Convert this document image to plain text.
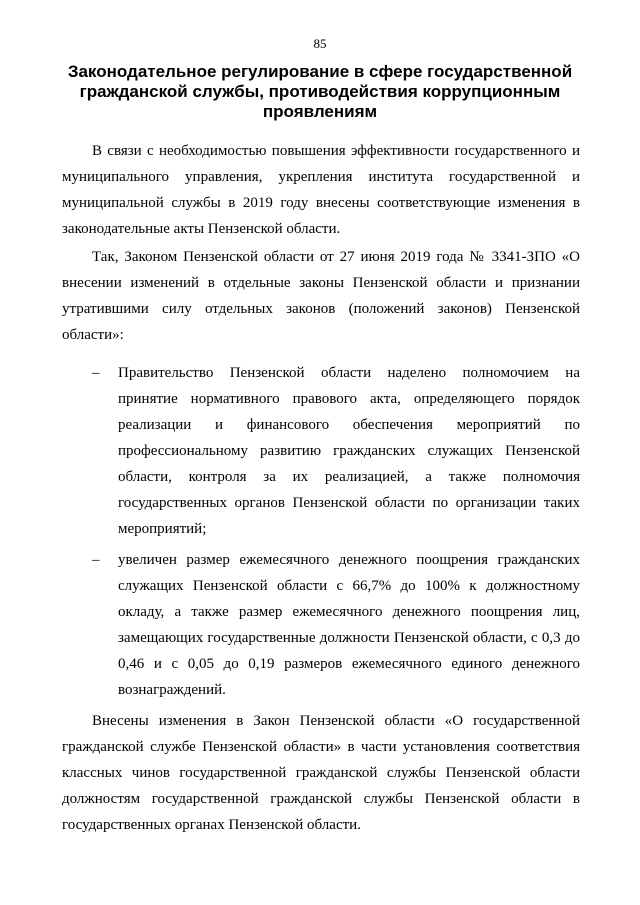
85
Законодательное регулирование в сфере государственной гражданской службы, противодействия коррупционным проявлениям

В связи с необходимостью повышения эффективности государственного и муниципального управления, укрепления института государственной и муниципальной службы в 2019 году внесены соответствующие изменения в законодательные акты Пензенской области.

Так, Законом Пензенской области от 27 июня 2019 года № 3341-ЗПО «О внесении изменений в отдельные законы Пензенской области и признании утратившими силу отдельных законов (положений законов) Пензенской области»:

–	Правительство Пензенской области наделено полномочием на принятие нормативного правового акта, определяющего порядок реализации и финансового обеспечения мероприятий по профессиональному развитию гражданских служащих Пензенской области, контроля за их реализацией, а также полномочия государственных органов Пензенской области по организации таких мероприятий;
–	увеличен размер ежемесячного денежного поощрения гражданских служащих Пензенской области с 66,7% до 100% к должностному окладу, а также размер ежемесячного денежного поощрения лиц, замещающих государственные должности Пензенской области, с 0,3 до 0,46 и с 0,05 до 0,19 размеров ежемесячного единого денежного вознаграждений.

Внесены изменения в Закон Пензенской области «О государственной гражданской службе Пензенской области» в части установления соответствия классных чинов государственной гражданской службы Пензенской области должностям государственной гражданской службы Пензенской области в государственных органах Пензенской области.
